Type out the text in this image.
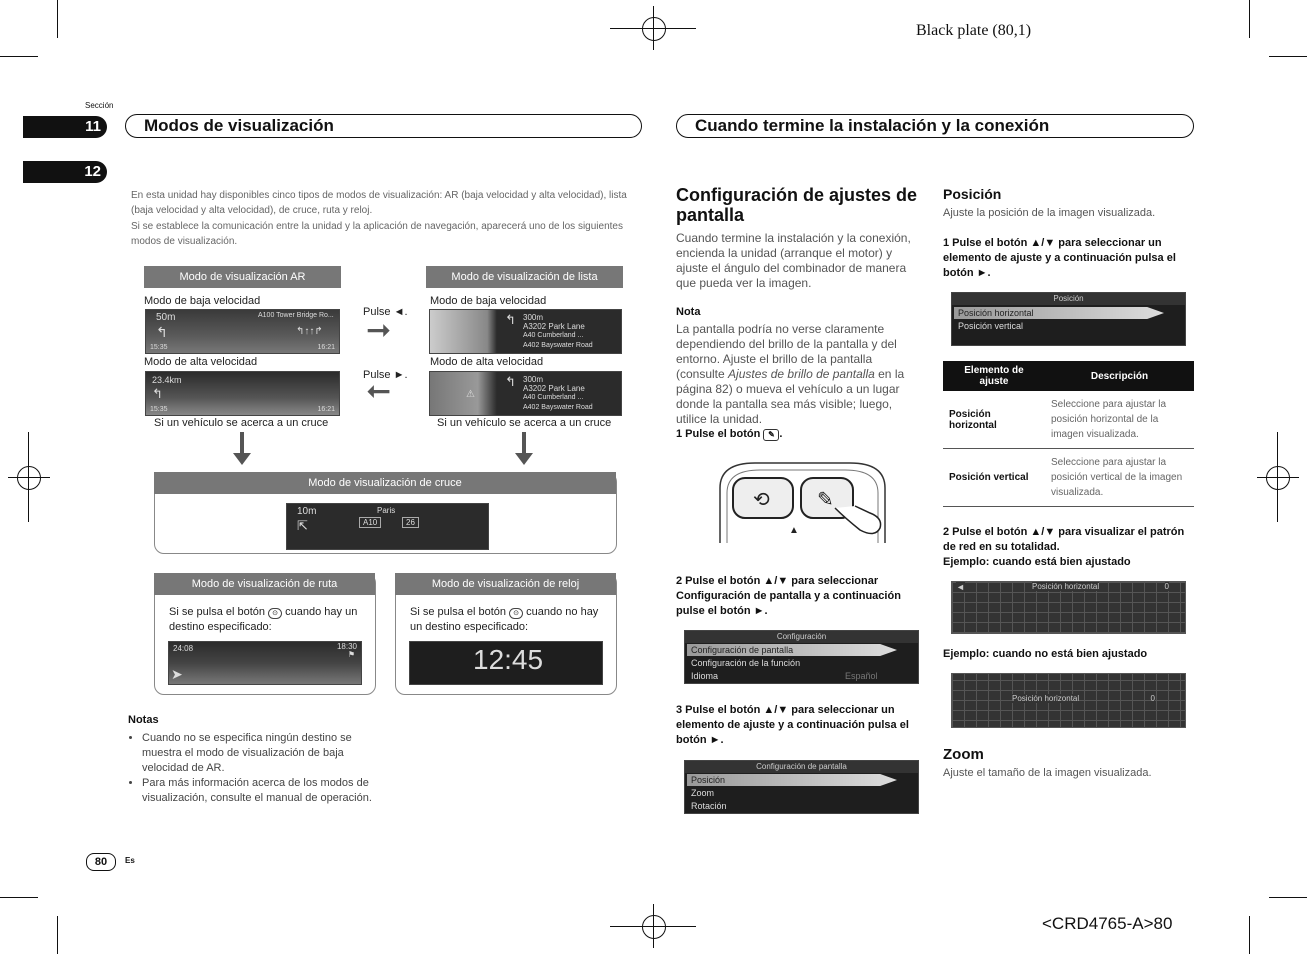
Black plate (80,1)
Sección
11
12
Modos de visualización	Cuando termine la instalación y la conexión
En esta unidad hay disponibles cinco tipos de modos de visualización: AR (baja velocidad y alta velocidad), lista (baja velocidad y alta velocidad), de cruce, ruta y reloj.
Si se establece la comunicación entre la unidad y la aplicación de navegación, aparecerá uno de los siguientes modos de visualización.
Modo de visualización AR	Modo de visualización de lista
Modo de baja velocidad	Modo de baja velocidad
50m
↰
A100 Tower Bridge Ro...
15:35	16:21
↰↑↑↱
↰ 300m
A3202 Park Lane
A40 Cumberland ...
A402 Bayswater Road
Pulse ◄.
➞
Pulse ►.
➞
Modo de alta velocidad	Modo de alta velocidad
23.4km
↰
15:35	16:21
↰ 300m
A3202 Park Lane
A40 Cumberland ...
A402 Bayswater Road
⚠
Si un vehículo se acerca a un cruce	Si un vehículo se acerca a un cruce
Modo de visualización de cruce
10m
⇱
Paris
A10	26
Modo de visualización de ruta
Si se pulsa el botón ⊙ cuando hay un destino especificado:
24:08	18:30
⚑
➤
Modo de visualización de reloj
Si se pulsa el botón ⊙ cuando no hay un destino especificado:
12:45
Notas
• Cuando no se especifica ningún destino se muestra el modo de visualización de baja velocidad de AR.
• Para más información acerca de los modos de visualización, consulte el manual de operación.
Configuración de ajustes de pantalla
Cuando termine la instalación y la conexión, encienda la unidad (arranque el motor) y ajuste el ángulo del combinador de manera que pueda ver la imagen.
Nota
La pantalla podría no verse claramente dependiendo del brillo de la pantalla y del entorno. Ajuste el brillo de la pantalla (consulte Ajustes de brillo de pantalla en la página 82) o mueva el vehículo a un lugar donde la pantalla sea más visible; luego, utilice la unidad.
1 Pulse el botón ✎ .
⟲ ✎
▲
2 Pulse el botón ▲/▼ para seleccionar Configuración de pantalla y a continuación pulse el botón ►.
Configuración
Configuración de pantalla
Configuración de la función
Idioma	Español
3 Pulse el botón ▲/▼ para seleccionar un elemento de ajuste y a continuación pulsa el botón ►.
Configuración de pantalla
Posición
Zoom
Rotación
Posición
Ajuste la posición de la imagen visualizada.
1 Pulse el botón ▲/▼ para seleccionar un elemento de ajuste y a continuación pulsa el botón ►.
Posición
Posición horizontal
Posición vertical
Elemento de ajuste	Descripción
Posición horizontal	Seleccione para ajustar la posición horizontal de la imagen visualizada.
Posición vertical	Seleccione para ajustar la posición vertical de la imagen visualizada.
2 Pulse el botón ▲/▼ para visualizar el patrón de red en su totalidad.
Ejemplo: cuando está bien ajustado
◄	Posición horizontal	0
Ejemplo: cuando no está bien ajustado
Posición horizontal	0
Zoom
Ajuste el tamaño de la imagen visualizada.
80	Es
<CRD4765-A>80
